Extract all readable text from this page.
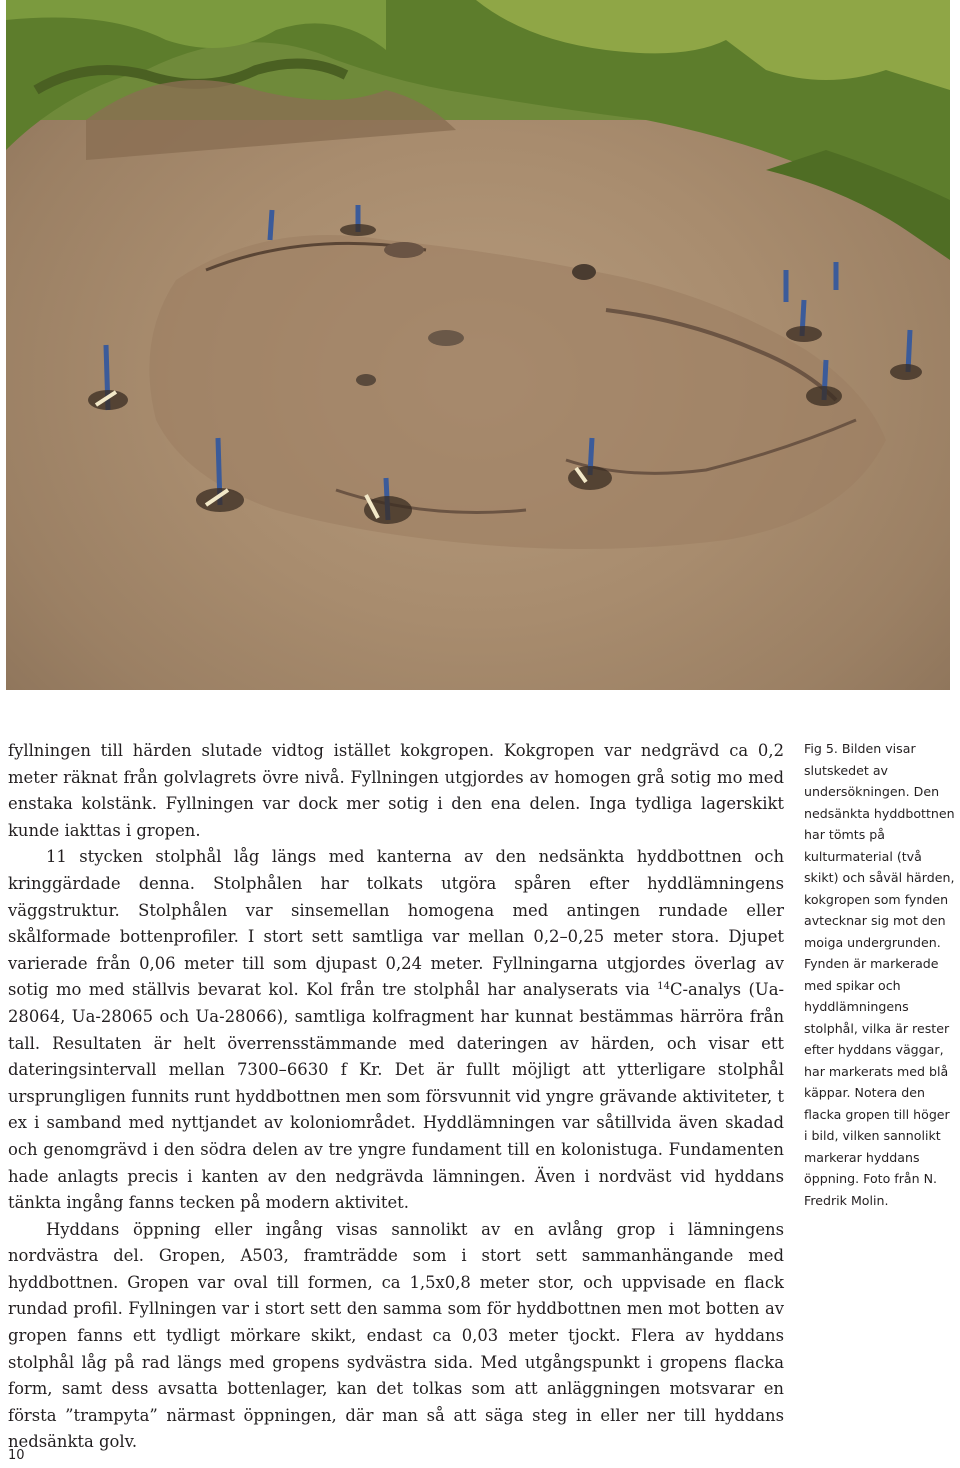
fyllningen till härden slutade vidtog istället kokgropen. Kokgropen var nedgrävd ca 0,2 meter räknat från golvlagrets övre nivå. Fyllningen utgjordes av homogen grå sotig mo med enstaka kolstänk. Fyllningen var dock mer sotig i den ena delen. Inga tydliga lagerskikt kunde iakttas i gropen.

11 stycken stolphål låg längs med kanterna av den nedsänkta hyddbottnen och kringgärdade denna. Stolphålen har tolkats utgöra spåren efter hyddlämningens väggstruktur. Stolphålen var sinsemellan homogena med antingen rundade eller skålformade bottenprofiler. I stort sett samtliga var mellan 0,2–0,25 meter stora. Djupet varierade från 0,06 meter till som djupast 0,24 meter. Fyllningarna utgjordes överlag av sotig mo med ställvis bevarat kol. Kol från tre stolphål har analyserats via $^{14}$C-analys (Ua-28064, Ua-28065 och Ua-28066), samtliga kolfragment har kunnat bestämmas härröra från tall. Resultaten är helt överrensstämmande med dateringen av härden, och visar ett dateringsintervall mellan 7300–6630 f Kr. Det är fullt möjligt att ytterligare stolphål ursprungligen funnits runt hyddbottnen men som försvunnit vid yngre grävande aktiviteter, t ex i samband med nyttjandet av koloniområdet. Hyddlämningen var såtillvida även skadad och genomgrävd i den södra delen av tre yngre fundament till en kolonistuga. Fundamenten hade anlagts precis i kanten av den nedgrävda lämningen. Även i nordväst vid hyddans tänkta ingång fanns tecken på modern aktivitet.

Hyddans öppning eller ingång visas sannolikt av en avlång grop i lämningens nordvästra del. Gropen, A503, framträdde som i stort sett sammanhängande med hyddbottnen. Gropen var oval till formen, ca 1,5x0,8 meter stor, och uppvisade en flack rundad profil. Fyllningen var i stort sett den samma som för hyddbottnen men mot botten av gropen fanns ett tydligt mörkare skikt, endast ca 0,03 meter tjockt. Flera av hyddans stolphål låg på rad längs med gropens sydvästra sida. Med utgångspunkt i gropens flacka form, samt dess avsatta bottenlager, kan det tolkas som att anläggningen motsvarar en första ”trampyta” närmast öppningen, där man så att säga steg in eller ner till hyddans nedsänkta golv.

Fig 5. Bilden visar slutskedet av undersökningen. Den nedsänkta hyddbottnen har tömts på kulturmaterial (två skikt) och såväl härden, kokgropen som fynden avtecknar sig mot den moiga undergrunden. Fynden är markerade med spikar och hyddlämningens stolphål, vilka är rester efter hyddans väggar, har markerats med blå käppar. Notera den flacka gropen till höger i bild, vilken sannolikt markerar hyddans öppning. Foto från N. Fredrik Molin.
10
